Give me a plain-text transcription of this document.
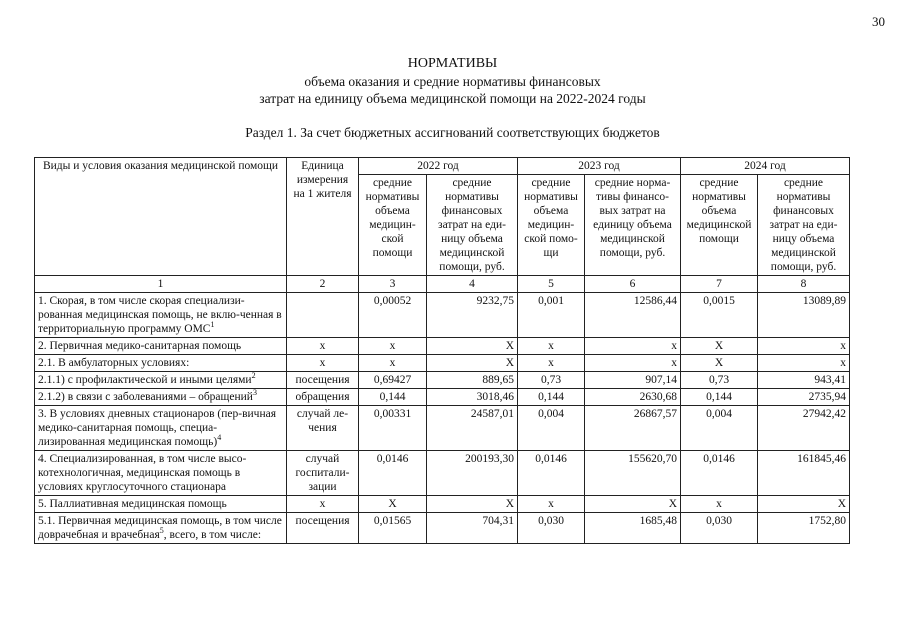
30
НОРМАТИВЫ
объема оказания и средние нормативы финансовых
затрат на единицу объема медицинской помощи на 2022-2024 годы
Раздел 1. За счет бюджетных ассигнований соответствующих бюджетов
Виды и условия оказания медицинской помощи	Единица измерения на 1 жителя	2022 год		2023 год		2024 год	
		средние нормативы объема медицин-ской помощи	средние нормативы финансовых затрат на еди-ницу объема медицинской помощи, руб.	средние нормативы объема медицин-ской помо-щи	средние норма-тивы финансо-вых затрат на единицу объема медицинской помощи, руб.	средние нормативы объема медицинской помощи	средние нормативы финансовых затрат на еди-ницу объема медицинской помощи, руб.
1	2	3	4	5	6	7	8
1. Скорая, в том числе скорая специализи-рованная медицинская помощь, не вклю-ченная в территориальную программу ОМС$^1$		0,00052	9232,75	0,001	12586,44	0,0015	13089,89
2. Первичная медико-санитарная помощь	х	х	Х	х	х	Х	х
2.1. В амбулаторных условиях:	х	х	Х	х	х	Х	х
2.1.1) с профилактической и иными целями$^2$	посещения	0,69427	889,65	0,73	907,14	0,73	943,41
2.1.2) в связи с заболеваниями – обращений$^3$	обращения	0,144	3018,46	0,144	2630,68	0,144	2735,94
3. В условиях дневных стационаров (пер-вичная медико-санитарная помощь, специа-лизированная медицинская помощь)$^4$	случай ле-чения	0,00331	24587,01	0,004	26867,57	0,004	27942,42
4. Специализированная, в том числе высо-котехнологичная, медицинская помощь в условиях круглосуточного стационара	случай госпитали-зации	0,0146	200193,30	0,0146	155620,70	0,0146	161845,46
5. Паллиативная медицинская помощь	х	Х	Х	х	Х	х	Х
5.1. Первичная медицинская помощь, в том числе доврачебная и врачебная$^5$, всего, в том числе:	посещения	0,01565	704,31	0,030	1685,48	0,030	1752,80
